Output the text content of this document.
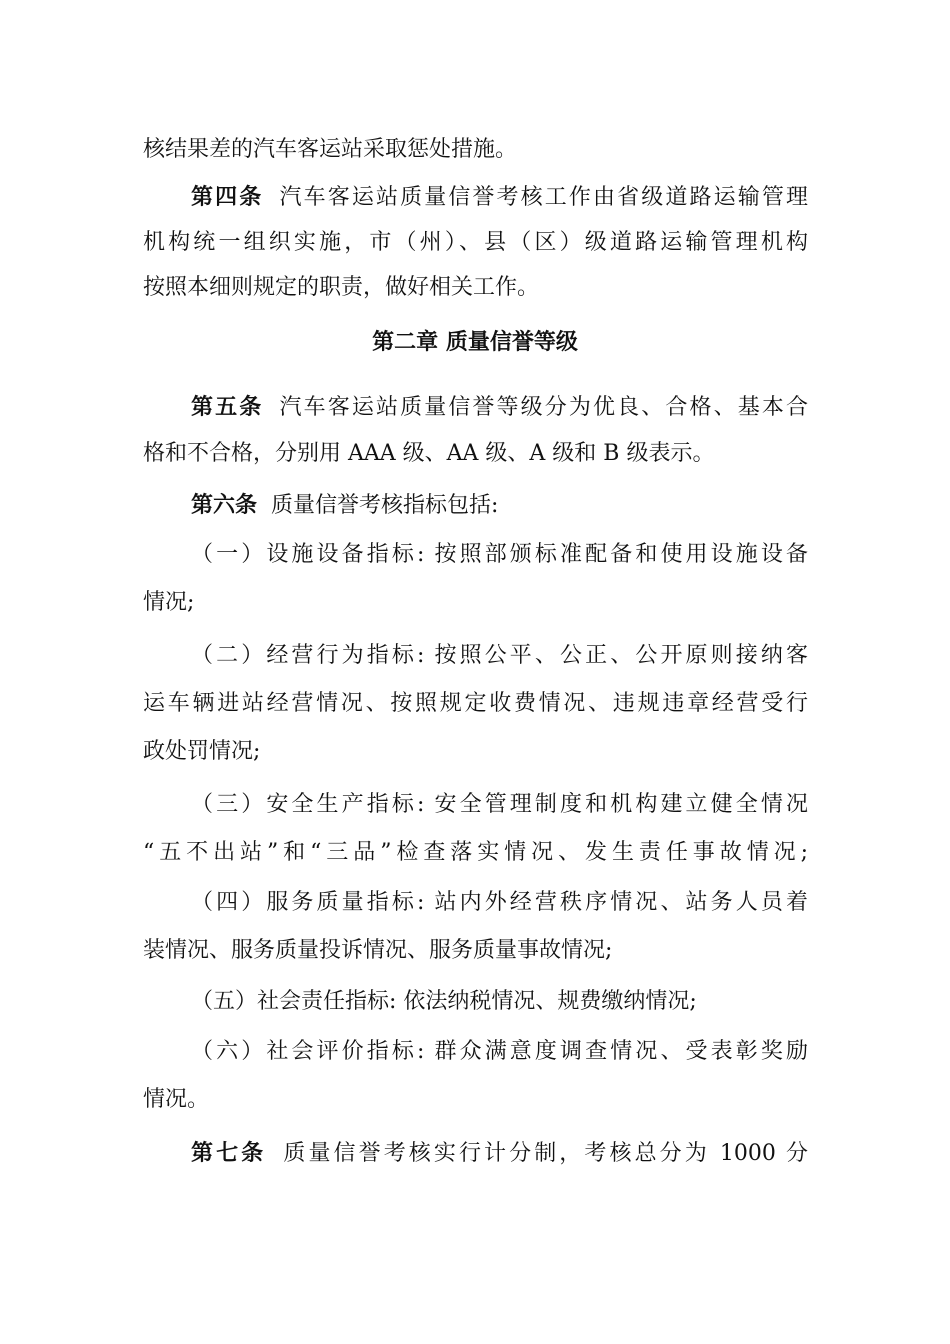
核结果差的汽车客运站采取惩处措施。
第四条 汽车客运站质量信誉考核工作由省级道路运输管理
机构统一组织实施，市（州）、县（区）级道路运输管理机构
按照本细则规定的职责，做好相关工作。
第二章 质量信誉等级
第五条 汽车客运站质量信誉等级分为优良、合格、基本合
格和不合格，分别用 AAA 级、AA 级、A 级和 B 级表示。
第六条 质量信誉考核指标包括:
（一）设施设备指标: 按照部颁标准配备和使用设施设备
情况;
（二）经营行为指标: 按照公平、公正、公开原则接纳客
运车辆进站经营情况、按照规定收费情况、违规违章经营受行
政处罚情况;
（三）安全生产指标: 安全管理制度和机构建立健全情况
“五不出站”和“三品”检查落实情况、发生责任事故情况;
（四）服务质量指标: 站内外经营秩序情况、站务人员着
装情况、服务质量投诉情况、服务质量事故情况;
（五）社会责任指标: 依法纳税情况、规费缴纳情况;
（六）社会评价指标: 群众满意度调查情况、受表彰奖励
情况。
第七条 质量信誉考核实行计分制，考核总分为 1000 分
